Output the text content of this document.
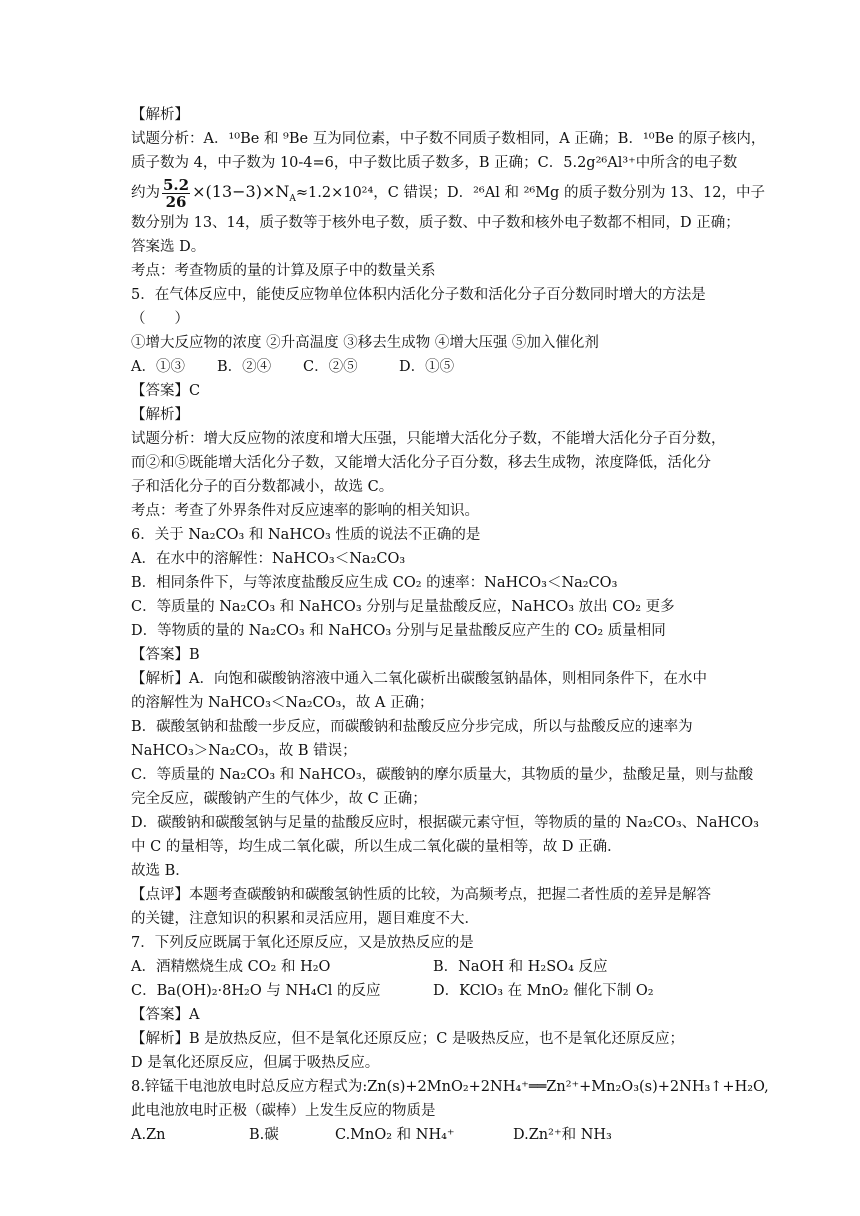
【解析】
试题分析：A．¹⁰Be 和 ⁹Be 互为同位素，中子数不同质子数相同，A 正确；B．¹⁰Be 的原子核内，
质子数为 4，中子数为 10-4=6，中子数比质子数多，B 正确；C．5.2g²⁶Al³⁺中所含的电子数
约为 $\frac{5.2}{26} \times(13-3)\times N_A\approx 1.2\times 10^{24}$，C 错误；D．²⁶Al 和 ²⁶Mg 的质子数分别为 13、12，中子
数分别为 13、14，质子数等于核外电子数，质子数、中子数和核外电子数都不相同，D 正确；
答案选 D。
考点：考查物质的量的计算及原子中的数量关系
5．在气体反应中，能使反应物单位体积内活化分子数和活化分子百分数同时增大的方法是
（　　）
①增大反应物的浓度 ②升高温度 ③移去生成物 ④增大压强 ⑤加入催化剂
A．①③	B．②④	C．②⑤	D．①⑤
【答案】C
【解析】
试题分析：增大反应物的浓度和增大压强，只能增大活化分子数，不能增大活化分子百分数，
而②和⑤既能增大活化分子数，又能增大活化分子百分数，移去生成物，浓度降低，活化分
子和活化分子的百分数都减小，故选 C。
考点：考查了外界条件对反应速率的影响的相关知识。
6．关于 Na₂CO₃ 和 NaHCO₃ 性质的说法不正确的是
A．在水中的溶解性：NaHCO₃＜Na₂CO₃
B．相同条件下，与等浓度盐酸反应生成 CO₂ 的速率：NaHCO₃＜Na₂CO₃
C．等质量的 Na₂CO₃ 和 NaHCO₃ 分别与足量盐酸反应，NaHCO₃ 放出 CO₂ 更多
D．等物质的量的 Na₂CO₃ 和 NaHCO₃ 分别与足量盐酸反应产生的 CO₂ 质量相同
【答案】B
【解析】A．向饱和碳酸钠溶液中通入二氧化碳析出碳酸氢钠晶体，则相同条件下，在水中
的溶解性为 NaHCO₃＜Na₂CO₃，故 A 正确；
B．碳酸氢钠和盐酸一步反应，而碳酸钠和盐酸反应分步完成，所以与盐酸反应的速率为
NaHCO₃＞Na₂CO₃，故 B 错误；
C．等质量的 Na₂CO₃ 和 NaHCO₃，碳酸钠的摩尔质量大，其物质的量少，盐酸足量，则与盐酸
完全反应，碳酸钠产生的气体少，故 C 正确；
D．碳酸钠和碳酸氢钠与足量的盐酸反应时，根据碳元素守恒，等物质的量的 Na₂CO₃、NaHCO₃
中 C 的量相等，均生成二氧化碳，所以生成二氧化碳的量相等，故 D 正确．
故选 B．
【点评】本题考查碳酸钠和碳酸氢钠性质的比较，为高频考点，把握二者性质的差异是解答
的关键，注意知识的积累和灵活应用，题目难度不大．
7．下列反应既属于氧化还原反应，又是放热反应的是
A．酒精燃烧生成 CO₂ 和 H₂O	B．NaOH 和 H₂SO₄ 反应
C．Ba(OH)₂·8H₂O 与 NH₄Cl 的反应	D．KClO₃ 在 MnO₂ 催化下制 O₂
【答案】A
【解析】B 是放热反应，但不是氧化还原反应；C 是吸热反应，也不是氧化还原反应；
D 是氧化还原反应，但属于吸热反应。
8.锌锰干电池放电时总反应方程式为:Zn(s)+2MnO₂+2NH₄⁺══Zn²⁺+Mn₂O₃(s)+2NH₃↑+H₂O,
此电池放电时正极（碳棒）上发生反应的物质是
A.Zn	B.碳	C.MnO₂ 和 NH₄⁺	D.Zn²⁺和 NH₃
